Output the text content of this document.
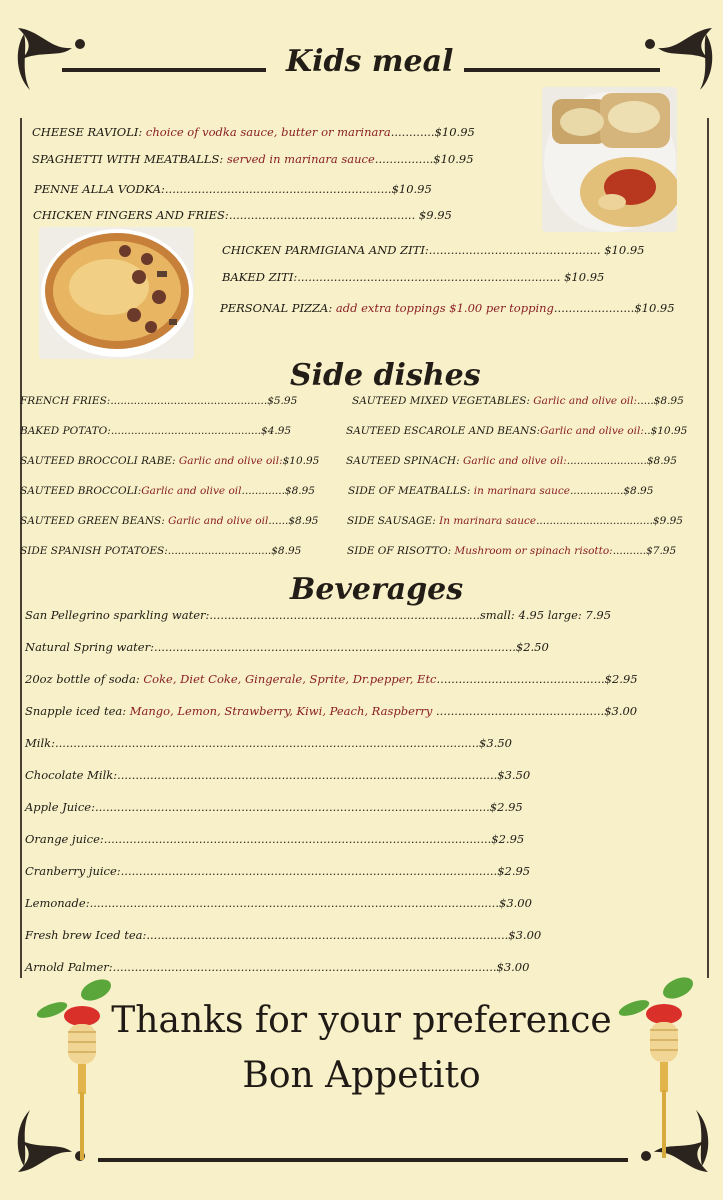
Kids meal
CHEESE RAVIOLI: choice of vodka sauce, butter or marinara............$10.95
SPAGHETTI WITH MEATBALLS: served in marinara sauce................$10.95
PENNE ALLA VODKA:..............................................................$10.95
CHICKEN FINGERS AND FRIES:................................................... $9.95
CHICKEN PARMIGIANA AND ZITI:............................................... $10.95
BAKED ZITI:........................................................................ $10.95
PERSONAL PIZZA: add extra toppings $1.00 per topping......................$10.95
Side dishes
FRENCH FRIES:...............................................$5.95
BAKED POTATO:.............................................$4.95
SAUTEED BROCCOLI RABE: Garlic and olive oil:$10.95
SAUTEED BROCCOLI:Garlic and olive oil.............$8.95
SAUTEED GREEN BEANS: Garlic and olive oil......$8.95
SIDE SPANISH POTATOES:...............................$8.95
SAUTEED MIXED VEGETABLES: Garlic and olive oil:.....$8.95
SAUTEED ESCAROLE AND BEANS:Garlic and olive oil:..$10.95
SAUTEED SPINACH: Garlic and olive oil:........................$8.95
SIDE OF MEATBALLS: in marinara sauce................$8.95
SIDE SAUSAGE: In marinara sauce...................................$9.95
SIDE OF RISOTTO: Mushroom or spinach risotto:..........$7.95
Beverages
San Pellegrino sparkling water:..........................................................................small: 4.95 large: 7.95
Natural Spring water:...................................................................................................$2.50
20oz bottle of soda: Coke, Diet Coke, Gingerale, Sprite, Dr.pepper, Etc..............................................$2.95
Snapple iced tea: Mango, Lemon, Strawberry, Kiwi, Peach, Raspberry ..............................................$3.00
Milk:....................................................................................................................$3.50
Chocolate Milk:........................................................................................................$3.50
Apple Juice:............................................................................................................$2.95
Orange juice:..........................................................................................................$2.95
Cranberry juice:.......................................................................................................$2.95
Lemonade:................................................................................................................$3.00
Fresh brew Iced tea:...................................................................................................$3.00
Arnold Palmer:.........................................................................................................$3.00
Thanks for your preference
Bon Appetito
